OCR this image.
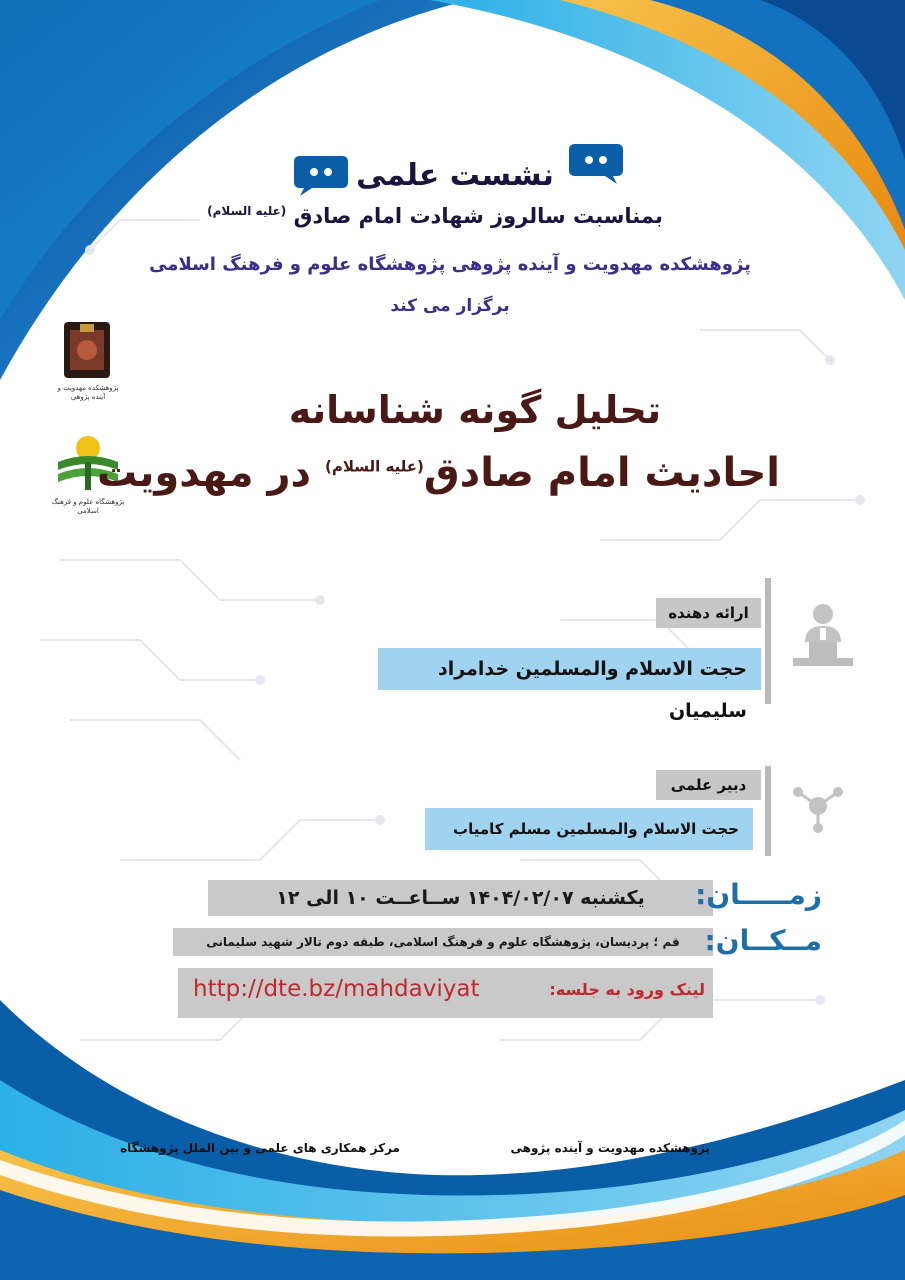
نشست علمی
بمناسبت سالروز شهادت امام صادق $^{(علیه السلام)}$
پژوهشکده مهدویت و آینده پژوهی پژوهشگاه علوم و فرهنگ اسلامی
برگزار می کند
پژوهشکده مهدویت و آینده پژوهی
پژوهشگاه علوم و فرهنگ اسلامی
تحلیل گونه شناسانه
احادیث امام صادق$^{(علیه السلام)}$ در مهدویت
ارائه دهنده
حجت الاسلام والمسلمین خدامراد سلیمیان
دبیر علمی
حجت الاسلام والمسلمین مسلم کامیاب
یکشنبه ۱۴۰۴/۰۲/۰۷ ســاعــت ۱۰ الی ۱۲	زمـــــان:
قم ؛ پردیسان، پژوهشگاه علوم و فرهنگ اسلامی، طبقه دوم تالار شهید سلیمانی مــکــان:
لینک ورود به جلسه:
http://dte.bz/mahdaviyat
پژوهشکده مهدویت و آینده پژوهی
مرکز همکاری های علمی و بین الملل پژوهشگاه
